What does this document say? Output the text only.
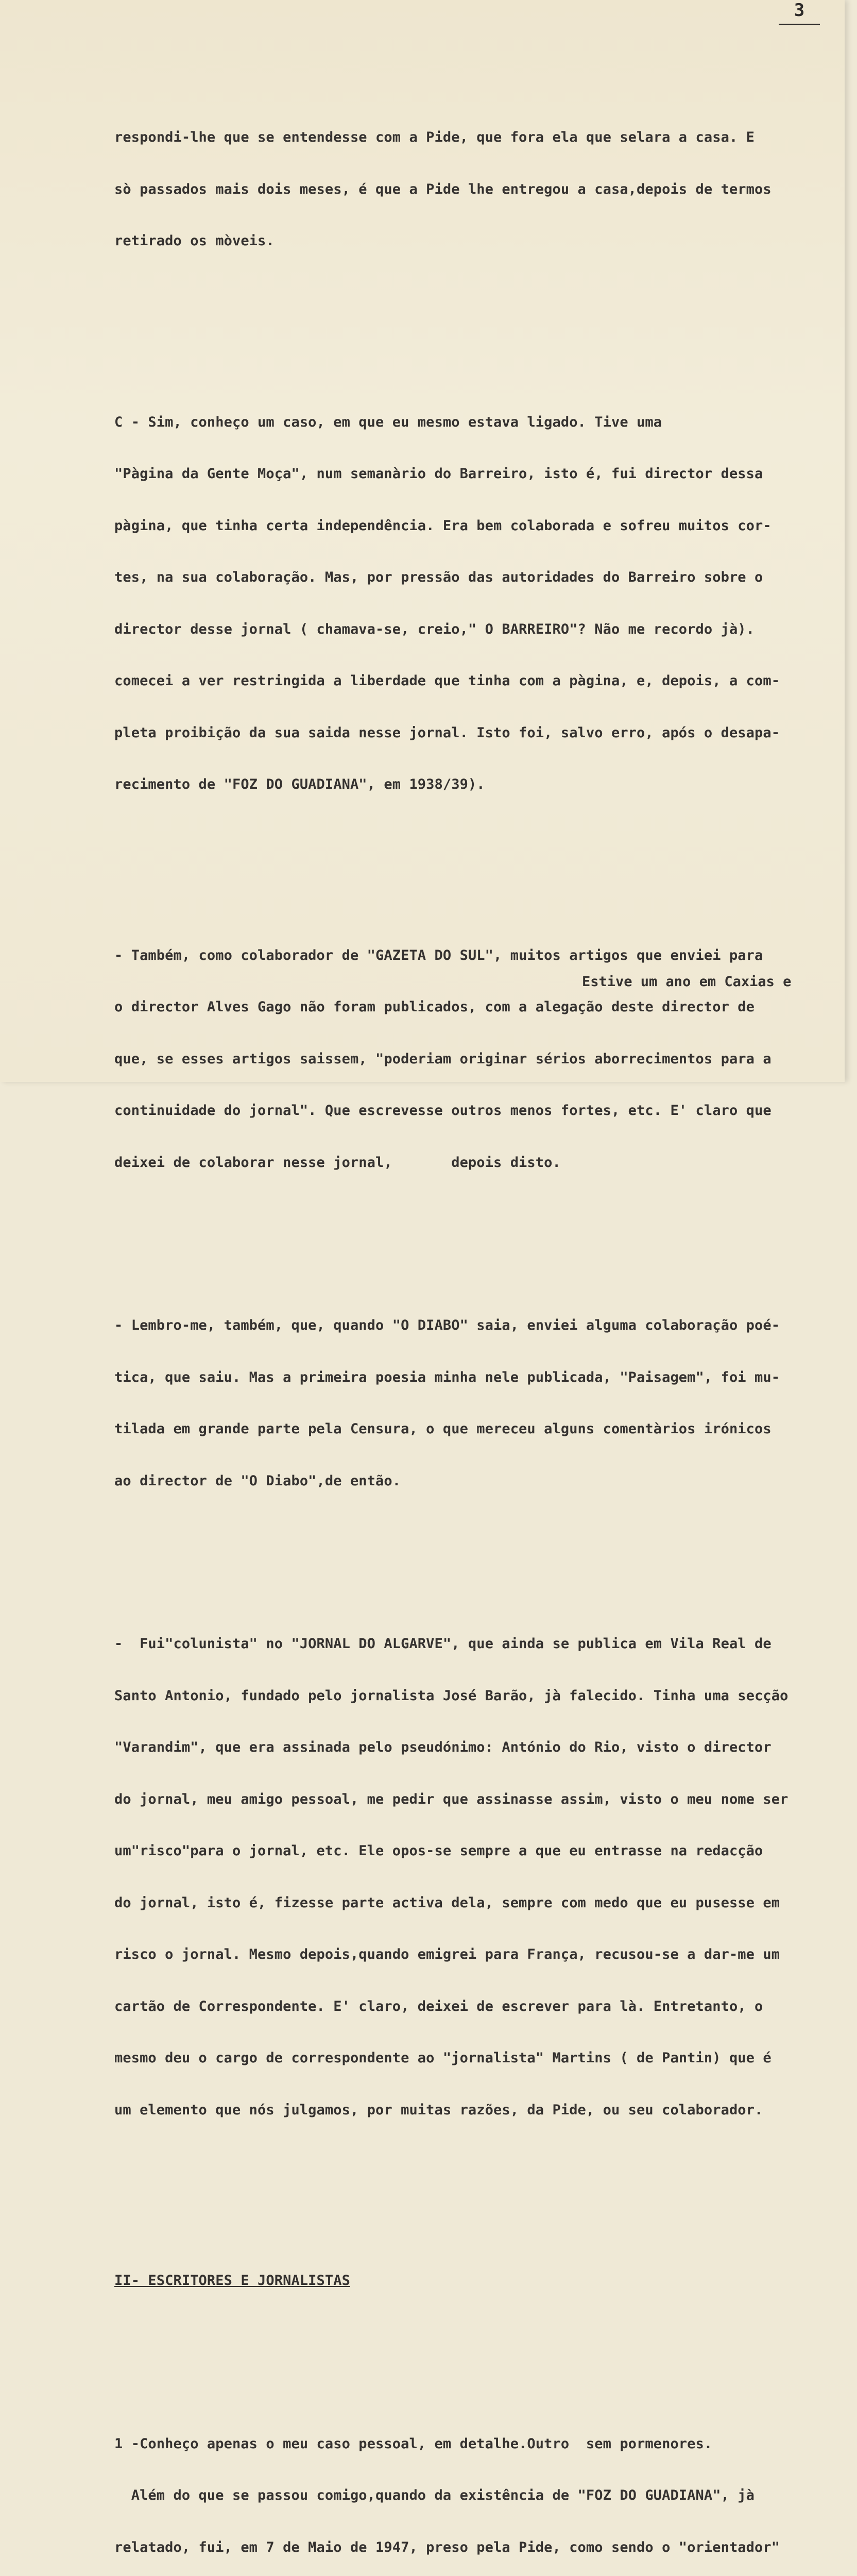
3

respondi-lhe que se entendesse com a Pide, que fora ela que selara a casa. E

sò passados mais dois meses, é que a Pide lhe entregou a casa,depois de termos

retirado os mòveis.

C - Sim, conheço um caso, em que eu mesmo estava ligado. Tive uma

"Pàgina da Gente Moça", num semanàrio do Barreiro, isto é, fui director dessa

pàgina, que tinha certa independência. Era bem colaborada e sofreu muitos cor-

tes, na sua colaboração. Mas, por pressão das autoridades do Barreiro sobre o

director desse jornal ( chamava-se, creio," O BARREIRO"? Não me recordo jà).

comecei a ver restringida a liberdade que tinha com a pàgina, e, depois, a com-

pleta proibição da sua saida nesse jornal. Isto foi, salvo erro, após o desapa-

recimento de "FOZ DO GUADIANA", em 1938/39).

- Também, como colaborador de "GAZETA DO SUL", muitos artigos que enviei para

o director Alves Gago não foram publicados, com a alegação deste director de

que, se esses artigos saissem, "poderiam originar sérios aborrecimentos para a

continuidade do jornal". Que escrevesse outros menos fortes, etc. E' claro que

deixei de colaborar nesse jornal,       depois disto.

- Lembro-me, também, que, quando "O DIABO" saia, enviei alguma colaboração poé-

tica, que saiu. Mas a primeira poesia minha nele publicada, "Paisagem", foi mu-

tilada em grande parte pela Censura, o que mereceu alguns comentàrios irónicos

ao director de "O Diabo",de então.

-  Fui"colunista" no "JORNAL DO ALGARVE", que ainda se publica em Vila Real de

Santo Antonio, fundado pelo jornalista José Barão, jà falecido. Tinha uma secção

"Varandim", que era assinada pelo pseudónimo: António do Rio, visto o director

do jornal, meu amigo pessoal, me pedir que assinasse assim, visto o meu nome ser

um"risco"para o jornal, etc. Ele opos-se sempre a que eu entrasse na redacção

do jornal, isto é, fizesse parte activa dela, sempre com medo que eu pusesse em

risco o jornal. Mesmo depois,quando emigrei para França, recusou-se a dar-me um

cartão de Correspondente. E' claro, deixei de escrever para là. Entretanto, o

mesmo deu o cargo de correspondente ao "jornalista" Martins ( de Pantin) que é

um elemento que nós julgamos, por muitas razões, da Pide, ou seu colaborador.

II- ESCRITORES E JORNALISTAS

1 -Conheço apenas o meu caso pessoal, em detalhe.Outro  sem pormenores.

Além do que se passou comigo,quando da existência de "FOZ DO GUADIANA", jà

relatado, fui, em 7 de Maio de 1947, preso pela Pide, como sendo o "orientador"

Estive um ano em Caxias e
